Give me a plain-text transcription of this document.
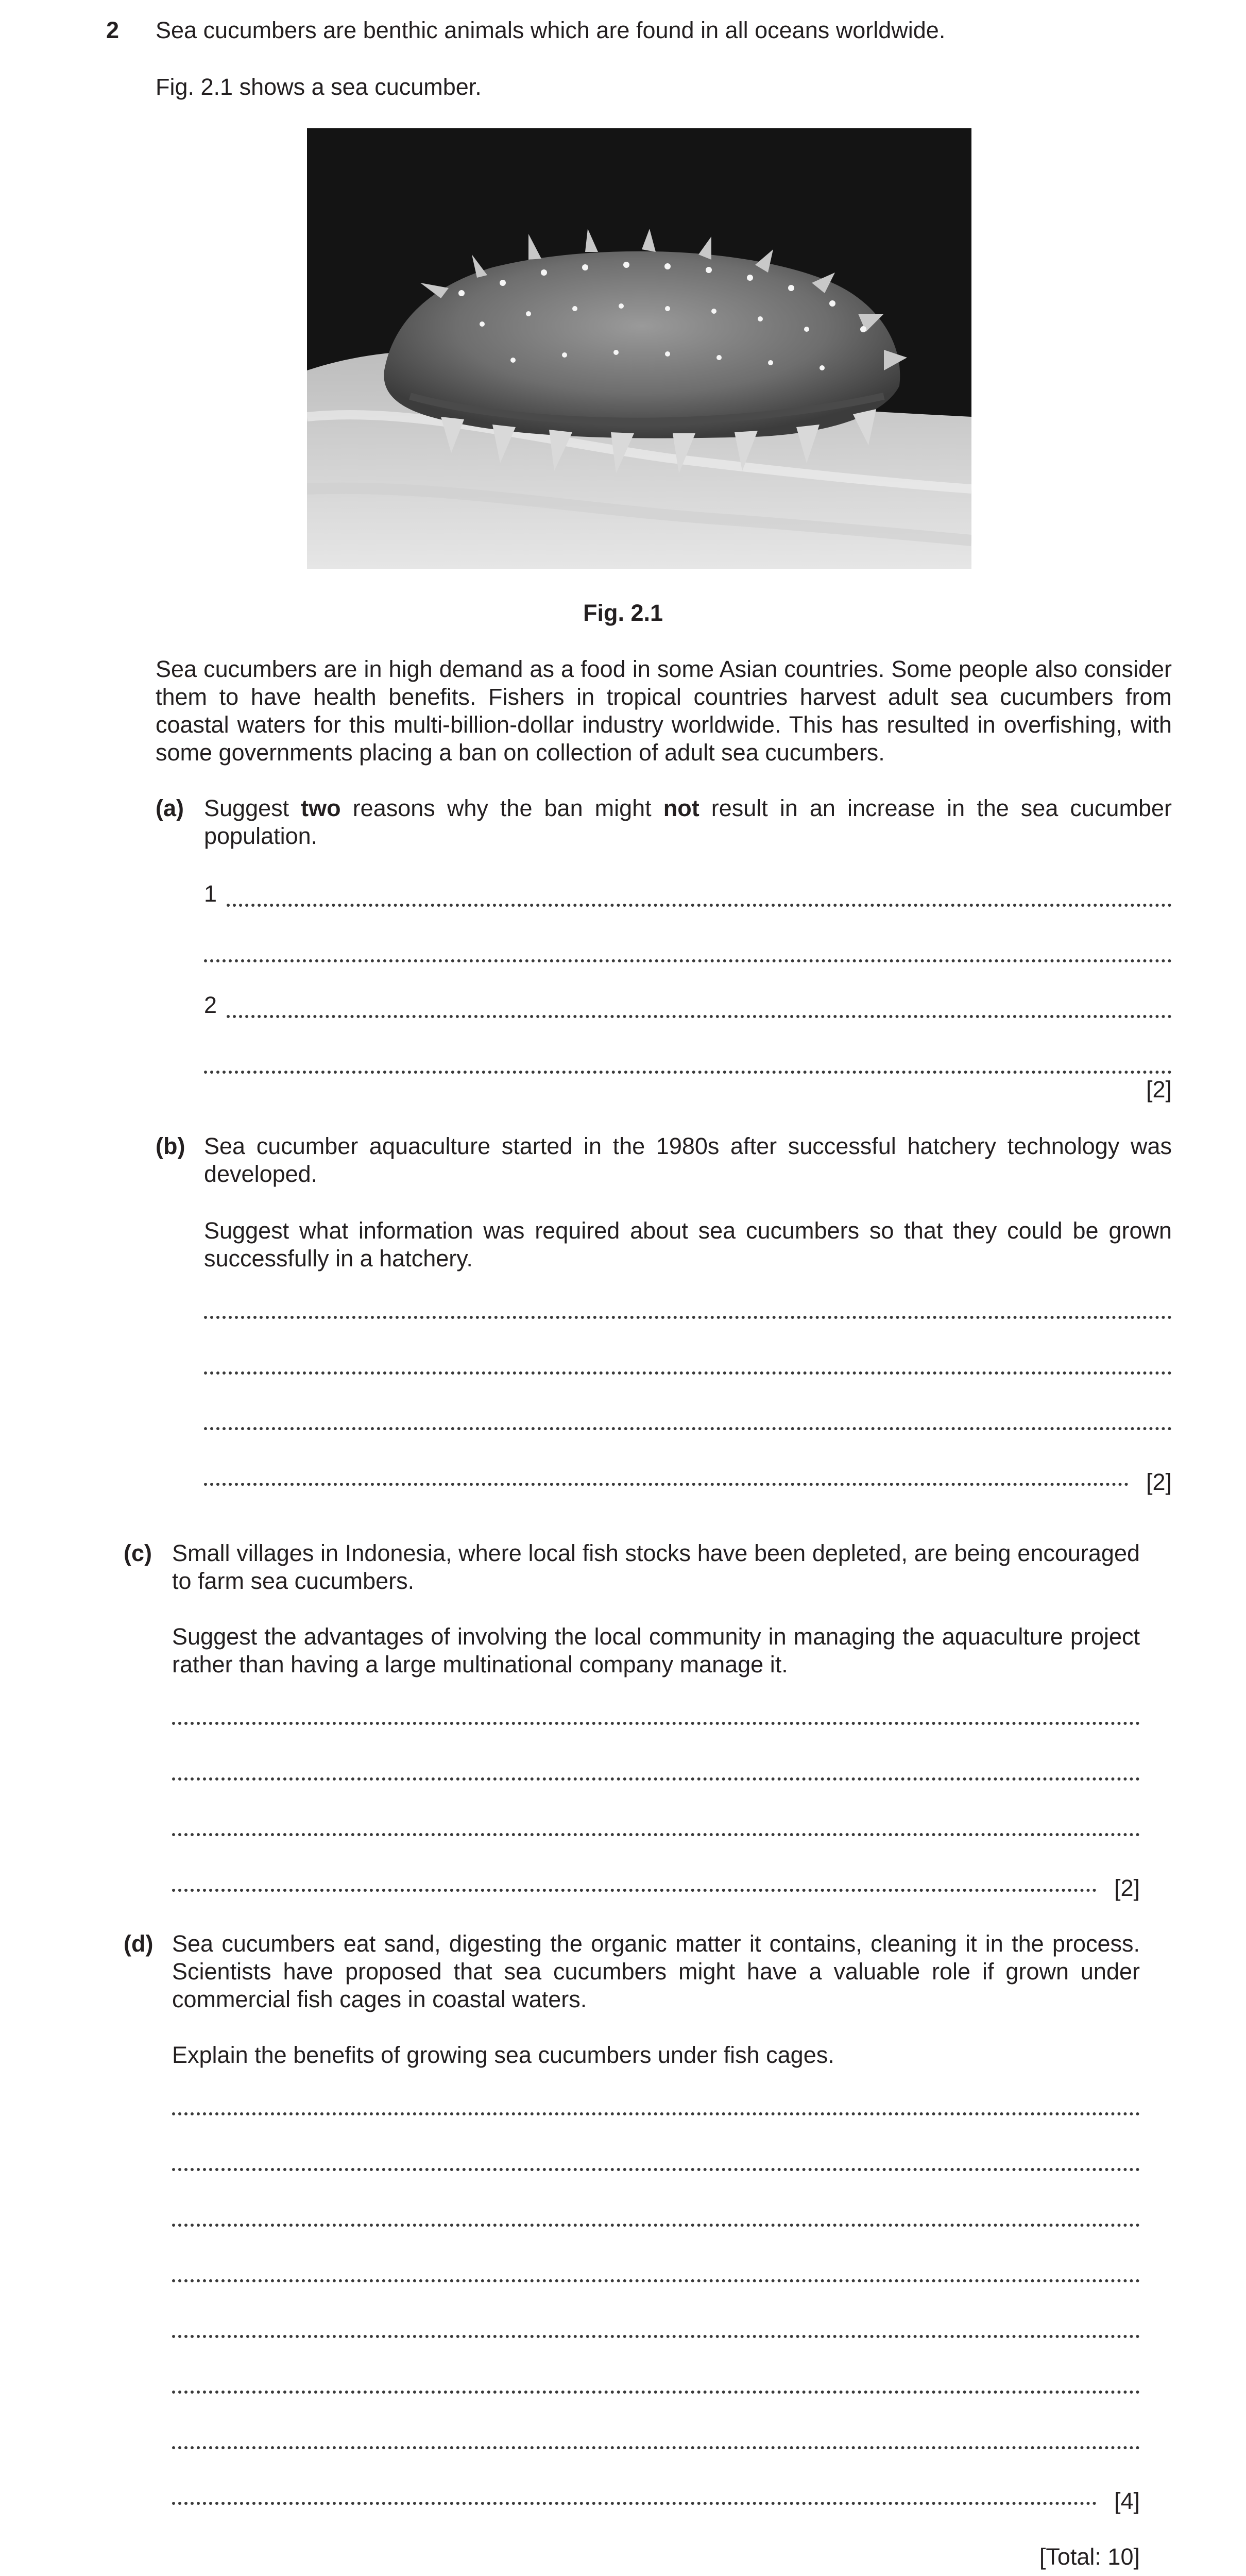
2 Sea cucumbers are benthic animals which are found in all oceans worldwide.
Fig. 2.1 shows a sea cucumber.
Fig. 2.1
Sea cucumbers are in high demand as a food in some Asian countries. Some people also consider them to have health benefits. Fishers in tropical countries harvest adult sea cucumbers from coastal waters for this multi-billion-dollar industry worldwide. This has resulted in overfishing, with some governments placing a ban on collection of adult sea cucumbers.
(a) Suggest two reasons why the ban might not result in an increase in the sea cucumber population.
1
2
[2]
(b) Sea cucumber aquaculture started in the 1980s after successful hatchery technology was developed.
Suggest what information was required about sea cucumbers so that they could be grown successfully in a hatchery.
[2]
(c) Small villages in Indonesia, where local fish stocks have been depleted, are being encouraged to farm sea cucumbers.
Suggest the advantages of involving the local community in managing the aquaculture project rather than having a large multinational company manage it.
[2]
(d) Sea cucumbers eat sand, digesting the organic matter it contains, cleaning it in the process. Scientists have proposed that sea cucumbers might have a valuable role if grown under commercial fish cages in coastal waters.
Explain the benefits of growing sea cucumbers under fish cages.
[4]
[Total: 10]
